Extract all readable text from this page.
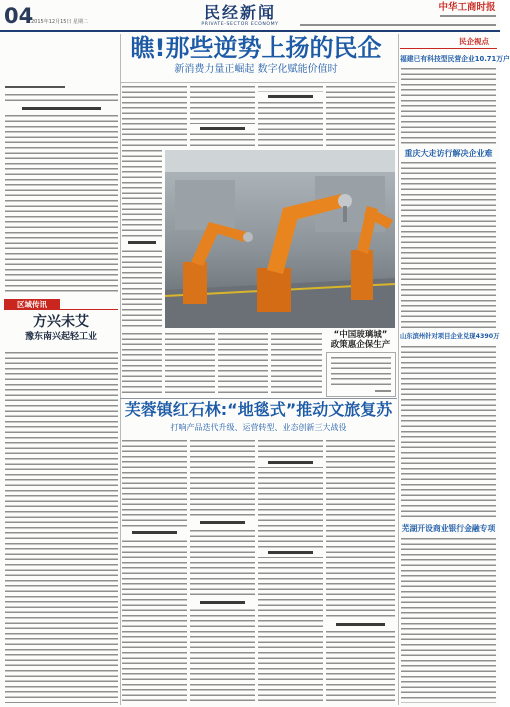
04
2015年12月15日 星期二	民经新闻
PRIVATE-SECTOR ECONOMY
中华工商时报
瞧!那些逆势上扬的民企
新消费力量正崛起 数字化赋能价值时
区域传讯
方兴未艾
豫东南兴起轻工业	“中国玻璃城”
政策惠企保生产
芙蓉镇红石林:“地毯式”推动文旅复苏
打响产品迭代升级、运营转型、业态创新三大战役
民企视点
福建已有科技型民营企业10.71万户
重庆大走访行解决企业难
山东滨州针对项目企业兑现4390万
芜湖开设商业银行金融专项
